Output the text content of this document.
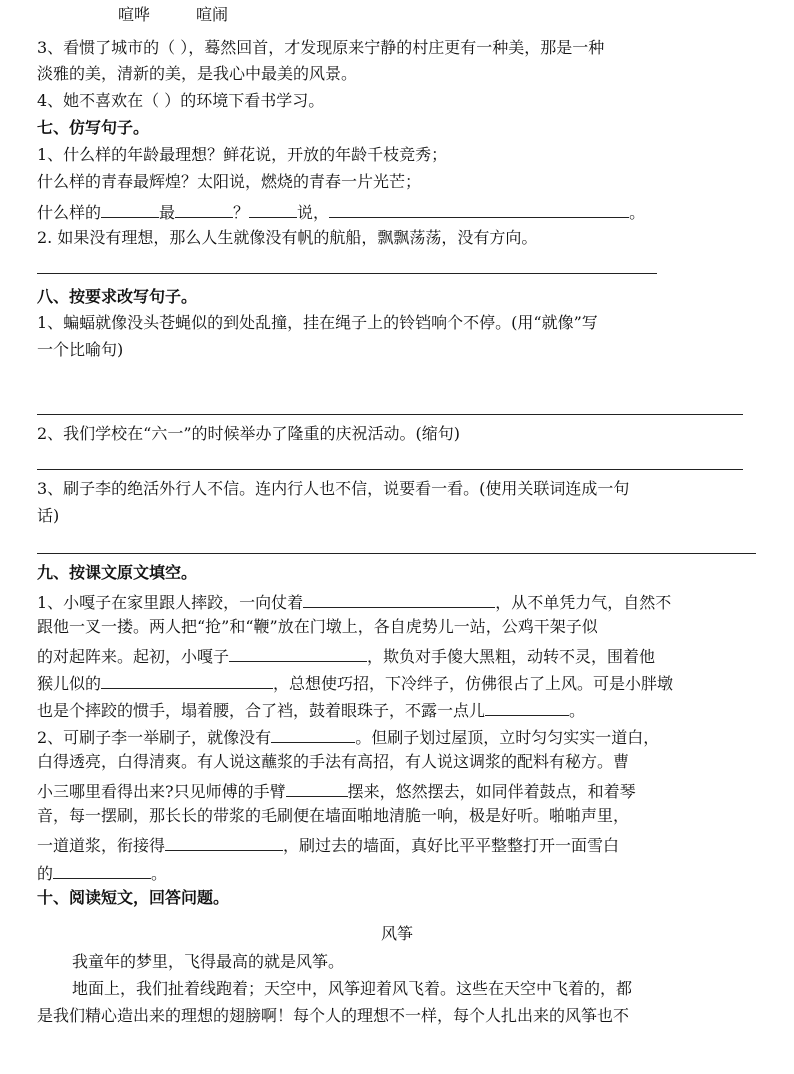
喧哗	喧闹
3、看惯了城市的（ ），蓦然回首，才发现原来宁静的村庄更有一种美，那是一种
淡雅的美，清新的美，是我心中最美的风景。
4、她不喜欢在（ ）的环境下看书学习。
七、仿写句子。
1、什么样的年龄最理想？鲜花说，开放的年龄千枝竞秀；
什么样的青春最辉煌？太阳说，燃烧的青春一片光芒；
什么样的	最	？	说，	。
2. 如果没有理想，那么人生就像没有帆的航船，飘飘荡荡，没有方向。
八、按要求改写句子。
1、蝙蝠就像没头苍蝇似的到处乱撞，挂在绳子上的铃铛响个不停。(用“就像”写
一个比喻句)
2、我们学校在“六一”的时候举办了隆重的庆祝活动。(缩句)
3、刷子李的绝活外行人不信。连内行人也不信，说要看一看。(使用关联词连成一句
话)
九、按课文原文填空。
1、小嘎子在家里跟人摔跤，一向仗着	，从不单凭力气，自然不
跟他一叉一搂。两人把“抢”和“鞭”放在门墩上，各自虎势儿一站，公鸡干架子似
的对起阵来。起初，小嘎子	，欺负对手傻大黑粗，动转不灵，围着他
猴儿似的	，总想使巧招，下冷绊子，仿佛很占了上风。可是小胖墩
也是个摔跤的惯手，塌着腰，合了裆，鼓着眼珠子，不露一点儿	。
2、可刷子李一举刷子，就像没有	。但刷子划过屋顶，立时匀匀实实一道白，
白得透亮，白得清爽。有人说这蘸浆的手法有高招，有人说这调浆的配料有秘方。曹
小三哪里看得出来?只见师傅的手臂	摆来，悠然摆去，如同伴着鼓点，和着琴
音，每一摆刷，那长长的带浆的毛刷便在墙面啪地清脆一响，极是好听。啪啪声里，
一道道浆，衔接得	，刷过去的墙面，真好比平平整整打开一面雪白
的	。
十、阅读短文，回答问题。
风筝
我童年的梦里，飞得最高的就是风筝。
地面上，我们扯着线跑着；天空中，风筝迎着风飞着。这些在天空中飞着的，都
是我们精心造出来的理想的翅膀啊！每个人的理想不一样，每个人扎出来的风筝也不
